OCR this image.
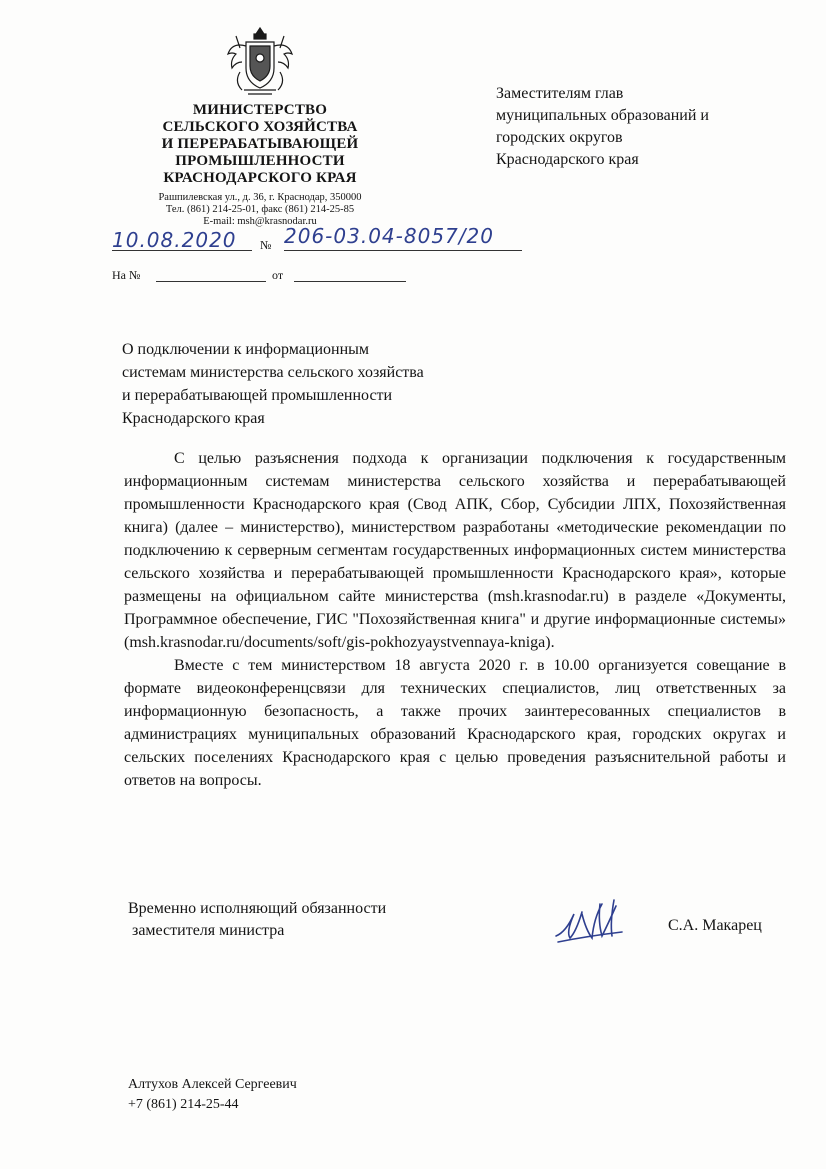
МИНИСТЕРСТВО
СЕЛЬСКОГО ХОЗЯЙСТВА
И ПЕРЕРАБАТЫВАЮЩЕЙ
ПРОМЫШЛЕННОСТИ
КРАСНОДАРСКОГО КРАЯ
Рашпилевская ул., д. 36, г. Краснодар, 350000
Тел. (861) 214-25-01, факс (861) 214-25-85
E-mail: msh@krasnodar.ru
10.08.2020 № 206-03.04-8057/20
На №	от
Заместителям глав
муниципальных образований и
городских округов
Краснодарского края
О подключении к информационным
системам министерства сельского хозяйства
и перерабатывающей промышленности
Краснодарского края

С целью разъяснения подхода к организации подключения к государственным информационным системам министерства сельского хозяйства и перерабатывающей промышленности Краснодарского края (Свод АПК, Сбор, Субсидии ЛПХ, Похозяйственная книга) (далее – министерство), министерством разработаны «методические рекомендации по подключению к серверным сегментам государственных информационных систем министерства сельского хозяйства и перерабатывающей промышленности Краснодарского края», которые размещены на официальном сайте министерства (msh.krasnodar.ru) в разделе «Документы, Программное обеспечение, ГИС "Похозяйственная книга" и другие информационные системы» (msh.krasnodar.ru/documents/soft/gis-pokhozyaystvennaya-kniga).

Вместе с тем министерством 18 августа 2020 г. в 10.00 организуется совещание в формате видеоконференцсвязи для технических специалистов, лиц ответственных за информационную безопасность, а также прочих заинтересованных специалистов в администрациях муниципальных образований Краснодарского края, городских округах и сельских поселениях Краснодарского края с целью проведения разъяснительной работы и ответов на вопросы.

Временно исполняющий обязанности
заместителя министра	С.А. Макарец
Алтухов Алексей Сергеевич
+7 (861) 214-25-44
